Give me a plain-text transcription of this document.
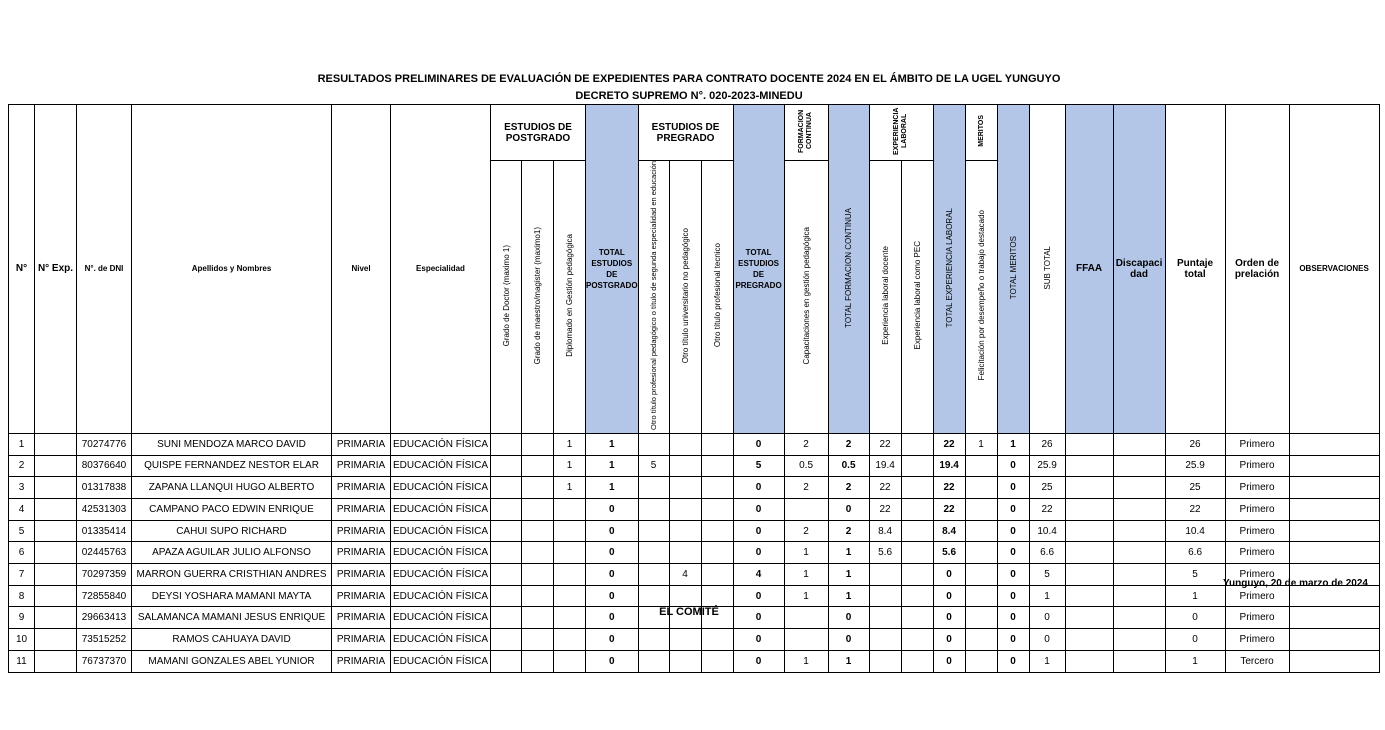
RESULTADOS PRELIMINARES DE EVALUACIÓN DE EXPEDIENTES PARA CONTRATO DOCENTE 2024 EN EL ÁMBITO DE LA UGEL YUNGUYO
DECRETO SUPREMO N°. 020-2023-MINEDU
N°	N° Exp.	N°. de DNI	Apellidos y Nombres	Nivel	Especialidad	ESTUDIOS DE POSTGRADO			TOTAL ESTUDIOS DE POSTGRADO	ESTUDIOS DE PREGRADO			TOTAL ESTUDIOS DE PREGRADO	FORMACION CONTINUA	TOTAL FORMACION CONTINUA	EXPERIENCIA LABORAL		TOTAL EXPERIENCIA LABORAL	MERITOS	TOTAL MERITOS	SUB TOTAL	FFAA	Discapaci dad	Puntaje total	Orden de prelación	OBSERVACIONES
						Grado de Doctor (maximo 1)	Grado de maestro/magister (maximo1)	Diplomado en Gestión pedagógica		Otro título profesional pedagógico o título de segunda especialidad en educación	Otro título universitario no pedagógico	Otro título profesional tecnico		Capacitaciones en gestión pedagógica		Experiencia laboral docente	Experiencia laboral como PEC		Felicitación por desempeño o trabajo destacado							
1		70274776	SUNI MENDOZA MARCO DAVID	PRIMARIA	EDUCACIÓN FÍSICA			1	1				0	2	2	22		22	1	1	26			26	Primero	
2		80376640	QUISPE FERNANDEZ NESTOR ELAR	PRIMARIA	EDUCACIÓN FÍSICA			1	1	5			5	0.5	0.5	19.4		19.4		0	25.9			25.9	Primero	
3		01317838	ZAPANA LLANQUI HUGO ALBERTO	PRIMARIA	EDUCACIÓN FÍSICA			1	1				0	2	2	22		22		0	25			25	Primero	
4		42531303	CAMPANO PACO EDWIN ENRIQUE	PRIMARIA	EDUCACIÓN FÍSICA				0				0		0	22		22		0	22			22	Primero	
5		01335414	CAHUI SUPO RICHARD	PRIMARIA	EDUCACIÓN FÍSICA				0				0	2	2	8.4		8.4		0	10.4			10.4	Primero	
6		02445763	APAZA AGUILAR JULIO ALFONSO	PRIMARIA	EDUCACIÓN FÍSICA				0				0	1	1	5.6		5.6		0	6.6			6.6	Primero	
7		70297359	MARRON GUERRA CRISTHIAN ANDRES	PRIMARIA	EDUCACIÓN FÍSICA				0		4		4	1	1			0		0	5			5	Primero	
8		72855840	DEYSI YOSHARA MAMANI MAYTA	PRIMARIA	EDUCACIÓN FÍSICA				0				0	1	1			0		0	1			1	Primero	
9		29663413	SALAMANCA MAMANI JESUS ENRIQUE	PRIMARIA	EDUCACIÓN FÍSICA				0				0		0			0		0	0			0	Primero	
10		73515252	RAMOS CAHUAYA DAVID	PRIMARIA	EDUCACIÓN FÍSICA				0				0		0			0		0	0			0	Primero	
11		76737370	MAMANI GONZALES ABEL YUNIOR	PRIMARIA	EDUCACIÓN FÍSICA				0				0	1	1			0		0	1			1	Tercero	
Yunguyo, 20 de marzo de 2024
EL COMITÉ
